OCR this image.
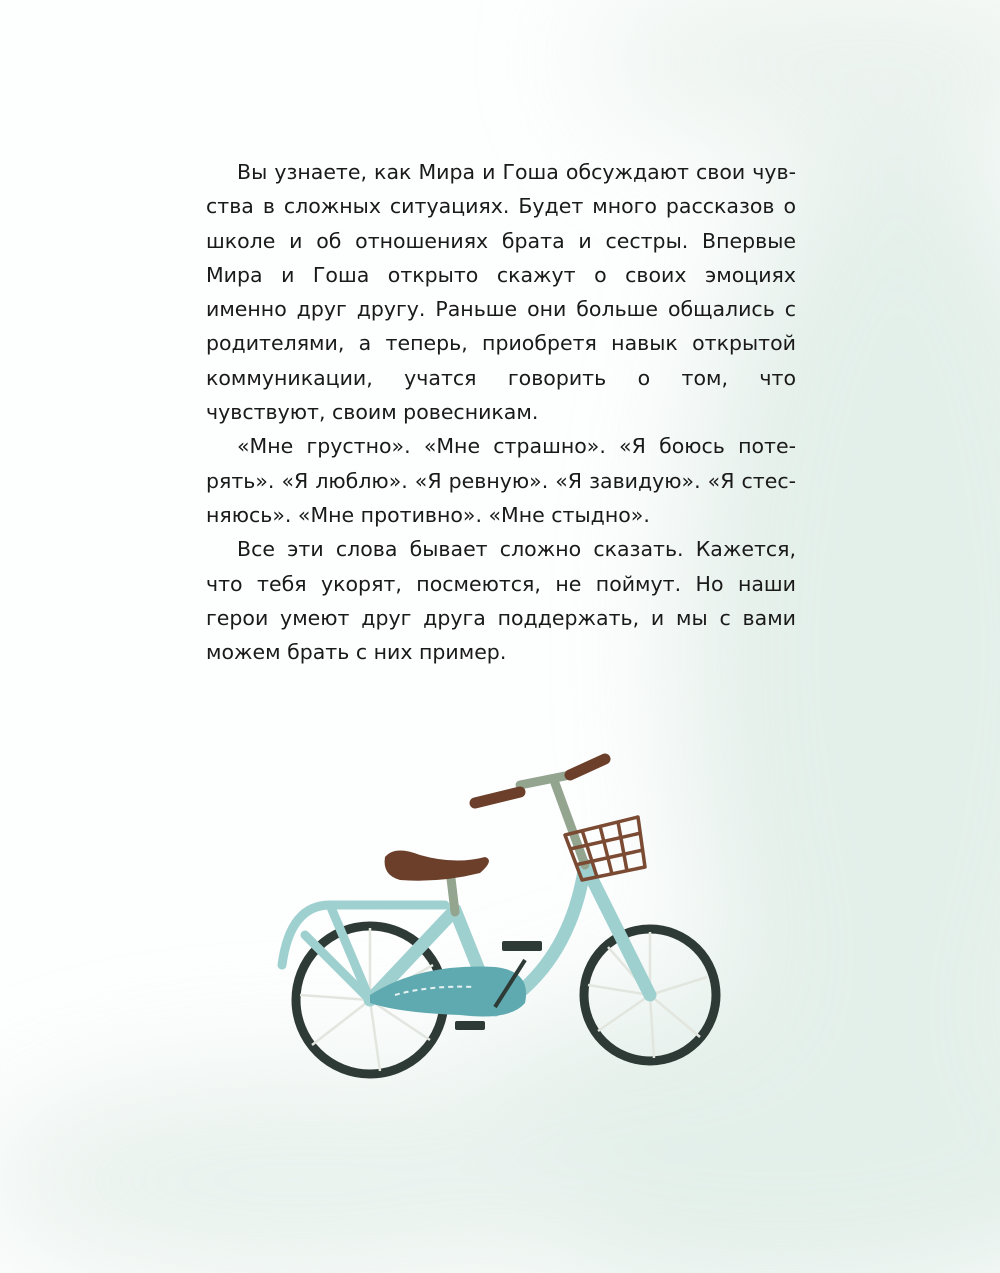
Вы узнаете, как Мира и Гоша обсуждают свои чувства в сложных ситуациях. Будет много рассказов о школе и об отношениях брата и сестры. Впервые Мира и Гоша открыто скажут о своих эмоциях именно друг другу. Раньше они больше общались с родителями, а теперь, приобретя навык открытой коммуникации, учатся говорить о том, что чувствуют, своим ровесникам.

«Мне грустно». «Мне страшно». «Я боюсь потерять». «Я люблю». «Я ревную». «Я завидую». «Я стесняюсь». «Мне противно». «Мне стыдно».

Все эти слова бывает сложно сказать. Кажется, что тебя укорят, посмеются, не поймут. Но наши герои умеют друг друга поддержать, и мы с вами можем брать с них пример.
